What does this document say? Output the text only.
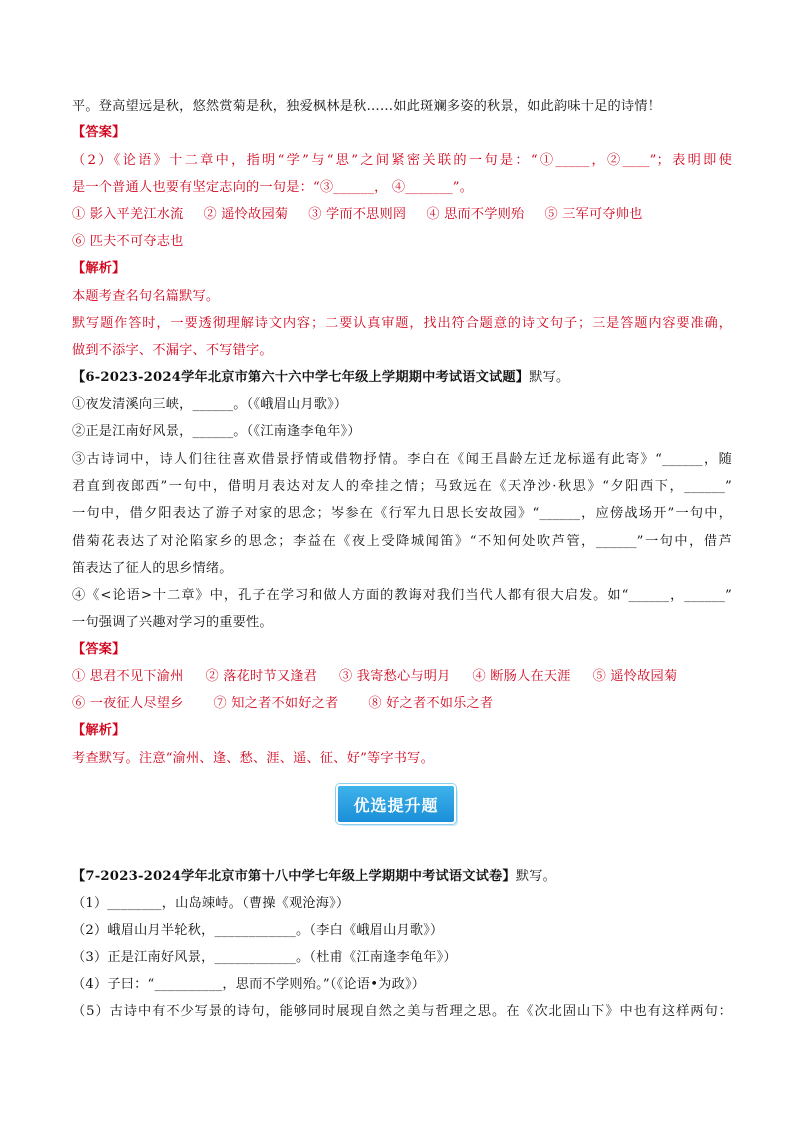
平。登高望远是秋，悠然赏菊是秋，独爱枫林是秋……如此斑斓多姿的秋景，如此韵味十足的诗情！
【答案】
（2）《论语》十二章中，指明“学”与“思”之间紧密关联的一句是：“①_____，②____”；表明即使
是一个普通人也要有坚定志向的一句是：“③______， ④_______”。
① 影入平羌江水流 ② 遥怜故园菊 ③ 学而不思则罔 ④ 思而不学则殆 ⑤ 三军可夺帅也
⑥ 匹夫不可夺志也
【解析】
本题考查名句名篇默写。
默写题作答时，一要透彻理解诗文内容；二要认真审题，找出符合题意的诗文句子；三是答题内容要准确，
做到不添字、不漏字、不写错字。
【6-2023-2024学年北京市第六十六中学七年级上学期期中考试语文试题】默写。
①夜发清溪向三峡，______。（《峨眉山月歌》）
②正是江南好风景，______。（《江南逢李龟年》）
③古诗词中，诗人们往往喜欢借景抒情或借物抒情。李白在《闻王昌龄左迁龙标遥有此寄》“______，随
君直到夜郎西”一句中，借明月表达对友人的牵挂之情；马致远在《天净沙·秋思》“夕阳西下，______”
一句中，借夕阳表达了游子对家的思念；岑参在《行军九日思长安故园》“______，应傍战场开”一句中，
借菊花表达了对沦陷家乡的思念；李益在《夜上受降城闻笛》“不知何处吹芦管，______”一句中，借芦
笛表达了征人的思乡情绪。
④《<论语>十二章》中，孔子在学习和做人方面的教诲对我们当代人都有很大启发。如“______，______”
一句强调了兴趣对学习的重要性。
【答案】
① 思君不见下渝州 ② 落花时节又逢君 ③ 我寄愁心与明月 ④ 断肠人在天涯 ⑤ 遥怜故园菊
⑥ 一夜征人尽望乡 ⑦ 知之者不如好之者 ⑧ 好之者不如乐之者
【解析】
考查默写。注意“渝州、逢、愁、涯、遥、征、好”等字书写。
优选提升题
【7-2023-2024学年北京市第十八中学七年级上学期期中考试语文试卷】默写。
（1）________，山岛竦峙。（曹操《观沧海》）
（2）峨眉山月半轮秋，____________。（李白《峨眉山月歌》）
（3）正是江南好风景，____________。（杜甫《江南逢李龟年》）
（4）子曰：“__________，思而不学则殆。”（《论语•为政》）
（5）古诗中有不少写景的诗句，能够同时展现自然之美与哲理之思。在《次北固山下》中也有这样两句：
